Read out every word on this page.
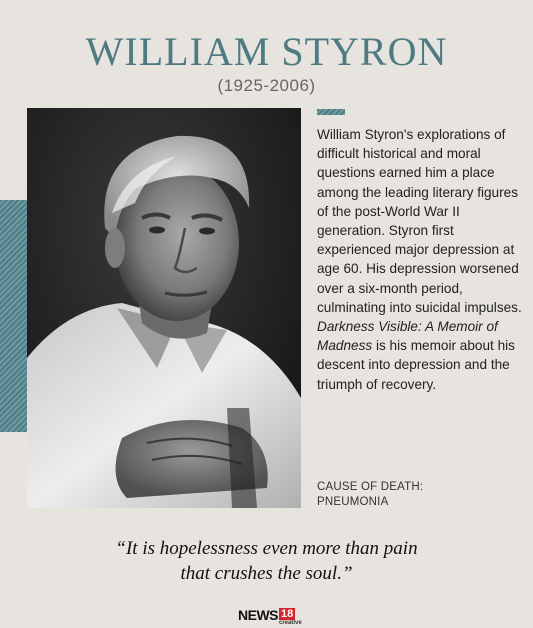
WILLIAM STYRON
(1925-2006)
William Styron's explorations of difficult historical and moral questions earned him a place among the leading literary figures of the post-World War II generation. Styron first experienced major depression at age 60. His depression worsened over a six-month period, culminating into suicidal impulses. Darkness Visible: A Memoir of Madness is his memoir about his descent into depression and the triumph of recovery.
CAUSE OF DEATH:
PNEUMONIA
“It is hopelessness even more than pain
that crushes the soul.”
NEWS 18
creative
